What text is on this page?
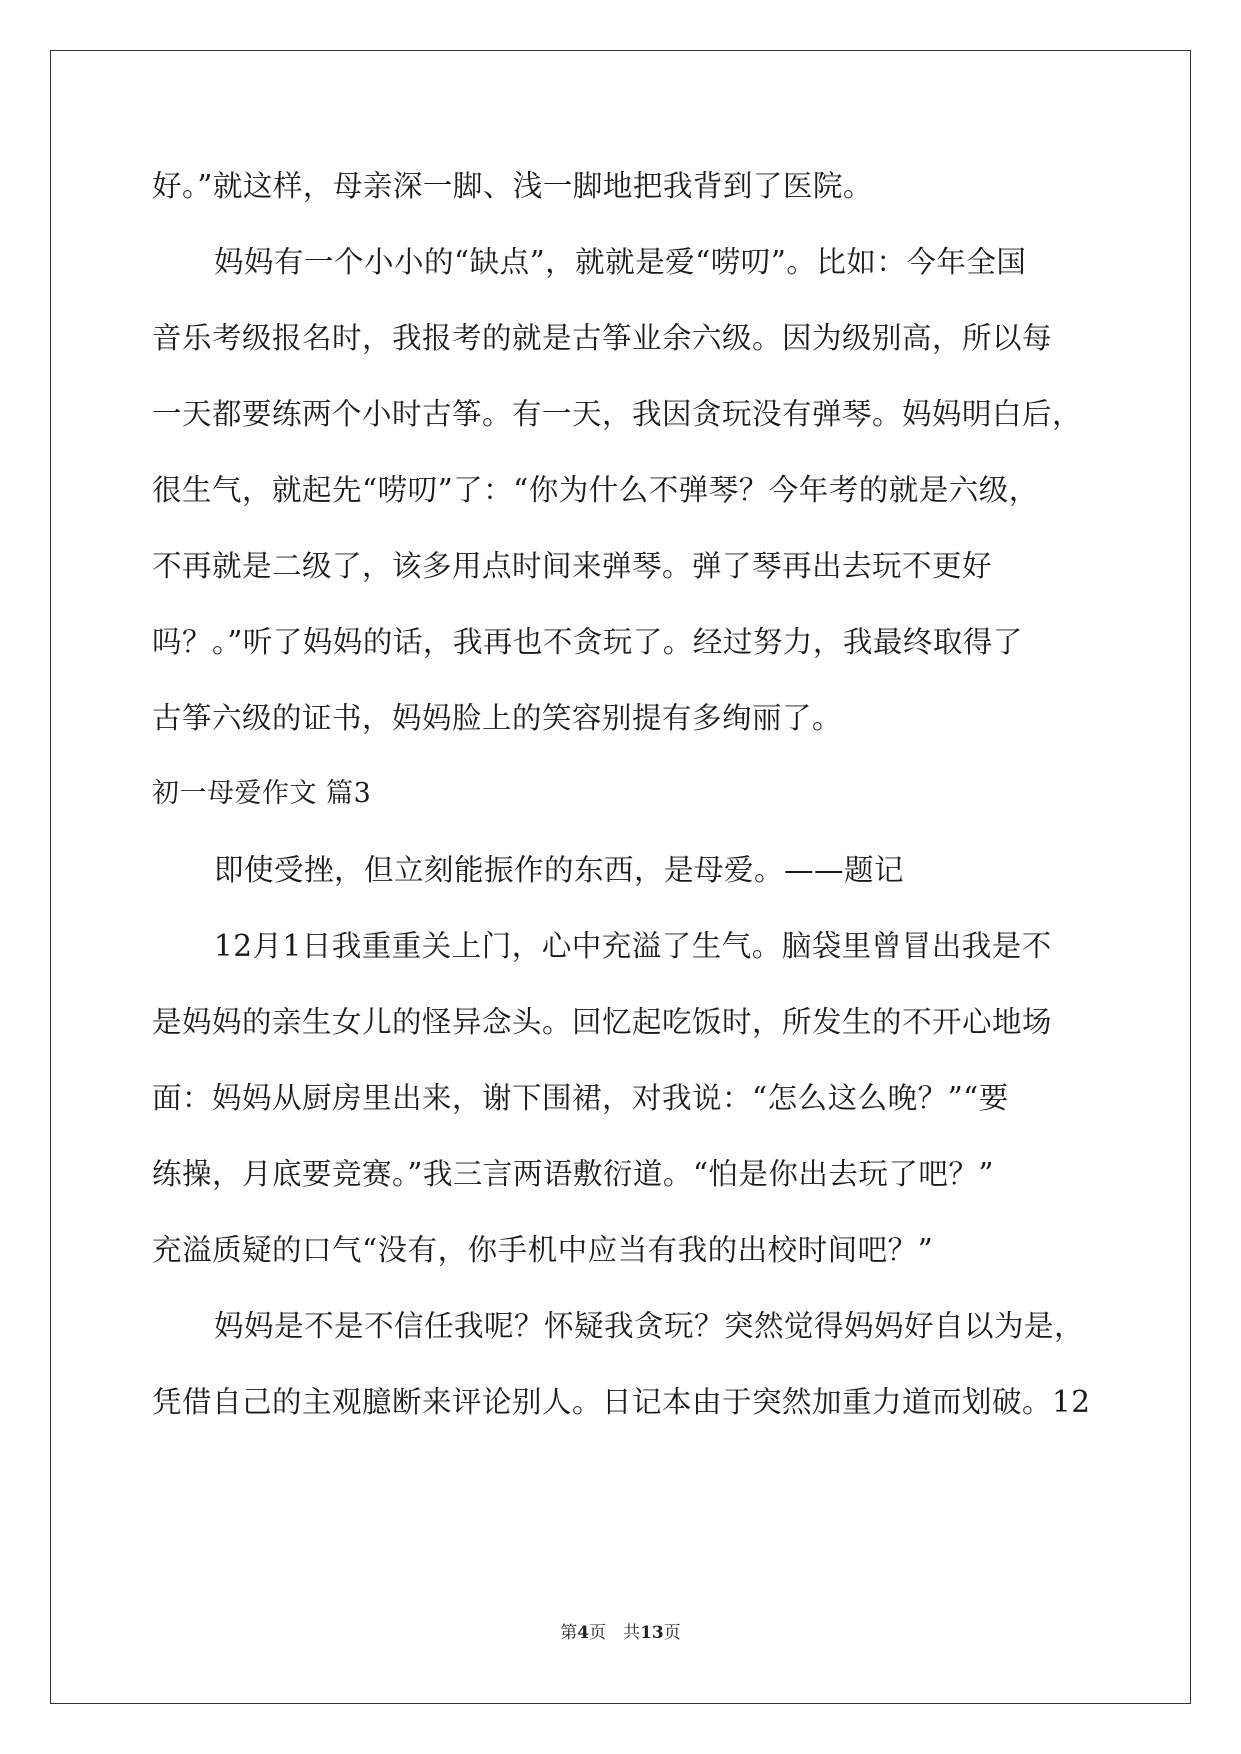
好。”就这样，母亲深一脚、浅一脚地把我背到了医院。

妈妈有一个小小的“缺点”，就就是爱“唠叨”。比如：今年全国

音乐考级报名时，我报考的就是古筝业余六级。因为级别高，所以每

一天都要练两个小时古筝。有一天，我因贪玩没有弹琴。妈妈明白后，

很生气，就起先“唠叨”了：“你为什么不弹琴？今年考的就是六级，

不再就是二级了，该多用点时间来弹琴。弹了琴再出去玩不更好

吗？。”听了妈妈的话，我再也不贪玩了。经过努力，我最终取得了

古筝六级的证书，妈妈脸上的笑容别提有多绚丽了。

初一母爱作文 篇3

即使受挫，但立刻能振作的东西，是母爱。——题记

12月1日我重重关上门，心中充溢了生气。脑袋里曾冒出我是不

是妈妈的亲生女儿的怪异念头。回忆起吃饭时，所发生的不开心地场

面：妈妈从厨房里出来，谢下围裙，对我说：“怎么这么晚？”“要

练操，月底要竞赛。”我三言两语敷衍道。“怕是你出去玩了吧？”

充溢质疑的口气“没有，你手机中应当有我的出校时间吧？”

妈妈是不是不信任我呢？怀疑我贪玩？突然觉得妈妈好自以为是，

凭借自己的主观臆断来评论别人。日记本由于突然加重力道而划破。12

第4页　共13页
